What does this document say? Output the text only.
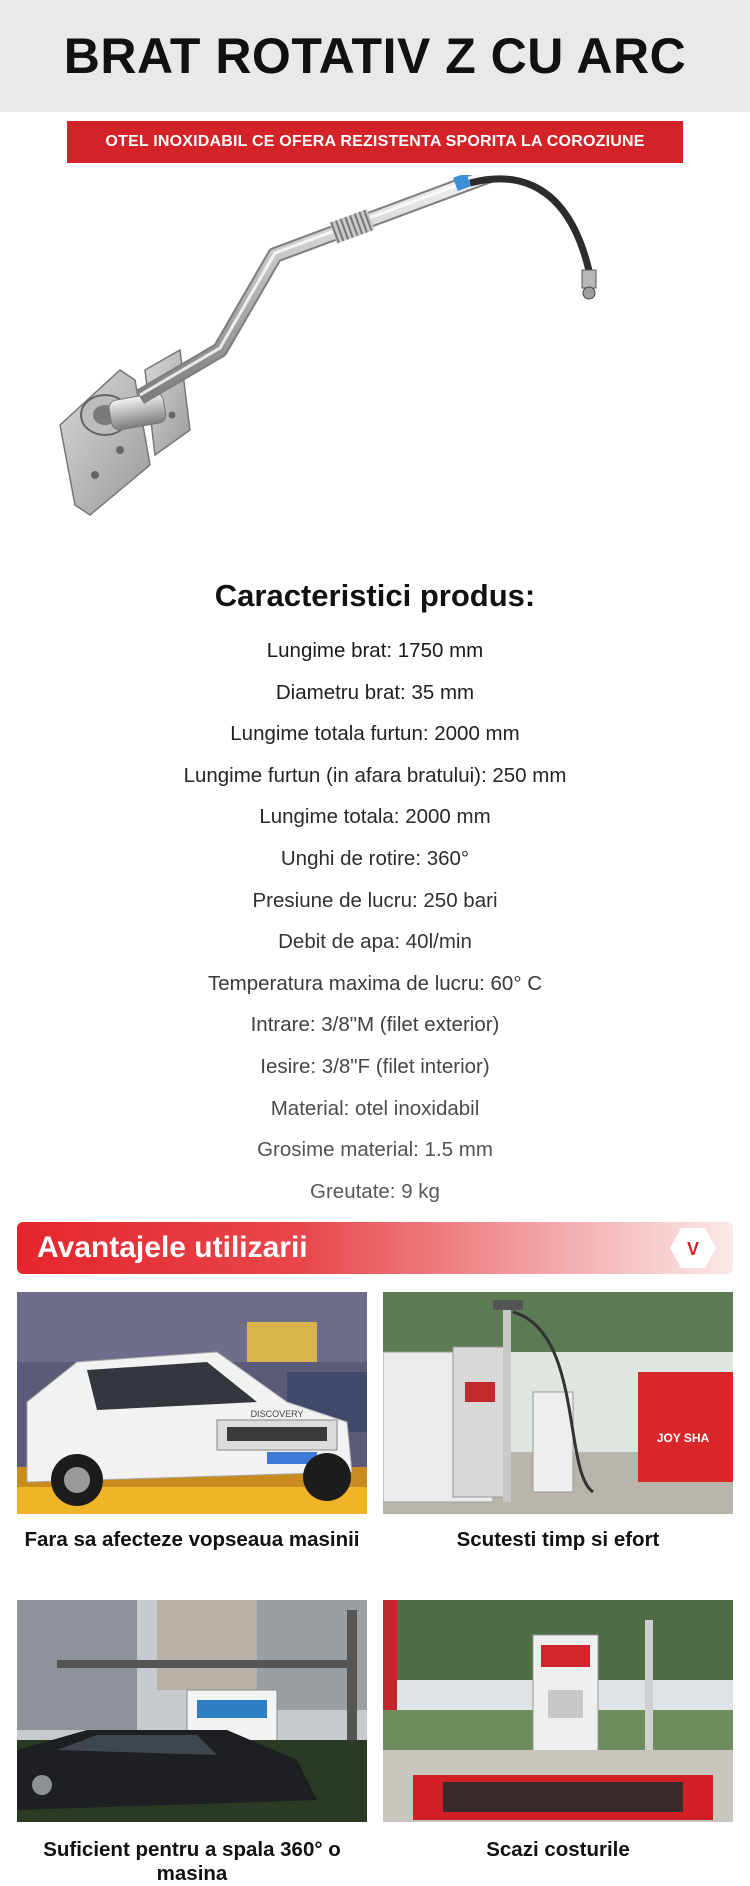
BRAT ROTATIV Z CU ARC
OTEL INOXIDABIL CE OFERA REZISTENTA SPORITA LA COROZIUNE
Caracteristici produs:
Lungime brat: 1750 mm
Diametru brat: 35 mm
Lungime totala furtun: 2000 mm
Lungime furtun (in afara bratului): 250 mm
Lungime totala: 2000 mm
Unghi de rotire: 360°
Presiune de lucru: 250 bari
Debit de apa: 40l/min
Temperatura maxima de lucru: 60° C
Intrare: 3/8"M (filet exterior)
Iesire: 3/8"F (filet interior)
Material: otel inoxidabil
Grosime material: 1.5 mm
Greutate: 9 kg
Avantajele utilizarii	V
DISCOVERY
Fara sa afecteze vopseaua masinii
JOY SHA
Scutesti timp si efort
Suficient pentru a spala 360° o masina
Scazi costurile
